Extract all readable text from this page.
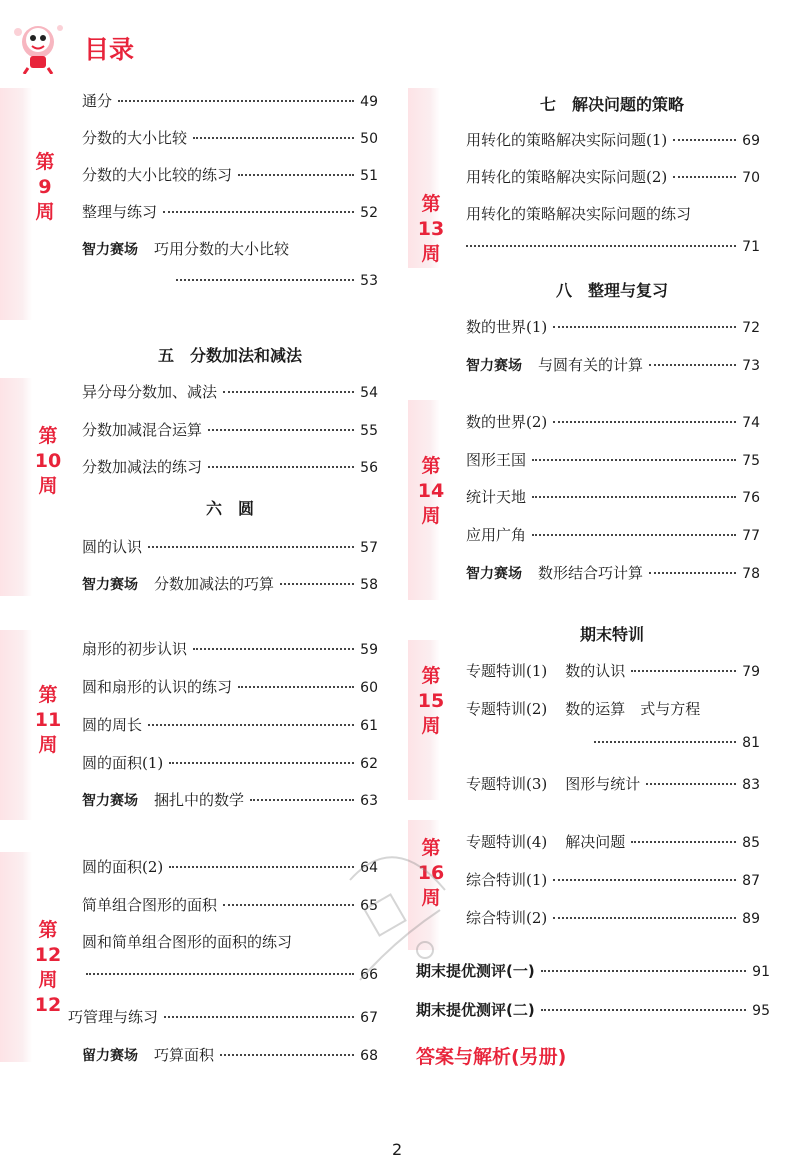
目录
第
9
周
第
10
周
第
11
周
第
12
周
12
第
13
周
第
14
周
第
15
周
第
16
周
通分	49
分数的大小比较	50
分数的大小比较的练习	51
整理与练习	52
智力赛场 巧用分数的大小比较
53
五　分数加法和减法
异分母分数加、减法	54
分数加减混合运算	55
分数加减法的练习	56
六　圆
圆的认识	57
智力赛场 分数加减法的巧算	58
扇形的初步认识	59
圆和扇形的认识的练习	60
圆的周长	61
圆的面积(1)	62
智力赛场 捆扎中的数学	63
圆的面积(2)	64
简单组合图形的面积	65
圆和简单组合图形的面积的练习
66
巧管理与练习	67
留力赛场 巧算面积	68
七　解决问题的策略
用转化的策略解决实际问题(1)	69
用转化的策略解决实际问题(2)	70
用转化的策略解决实际问题的练习
71
八　整理与复习
数的世界(1)	72
智力赛场 与圆有关的计算	73
数的世界(2)	74
图形王国	75
统计天地	76
应用广角	77
智力赛场 数形结合巧计算	78
期末特训
专题特训(1) 数的认识	79
专题特训(2) 数的运算　式与方程
81
专题特训(3) 图形与统计	83
专题特训(4) 解决问题	85
综合特训(1)	87
综合特训(2)	89
期末提优测评(一)	91
期末提优测评(二)	95
答案与解析(另册)
2
